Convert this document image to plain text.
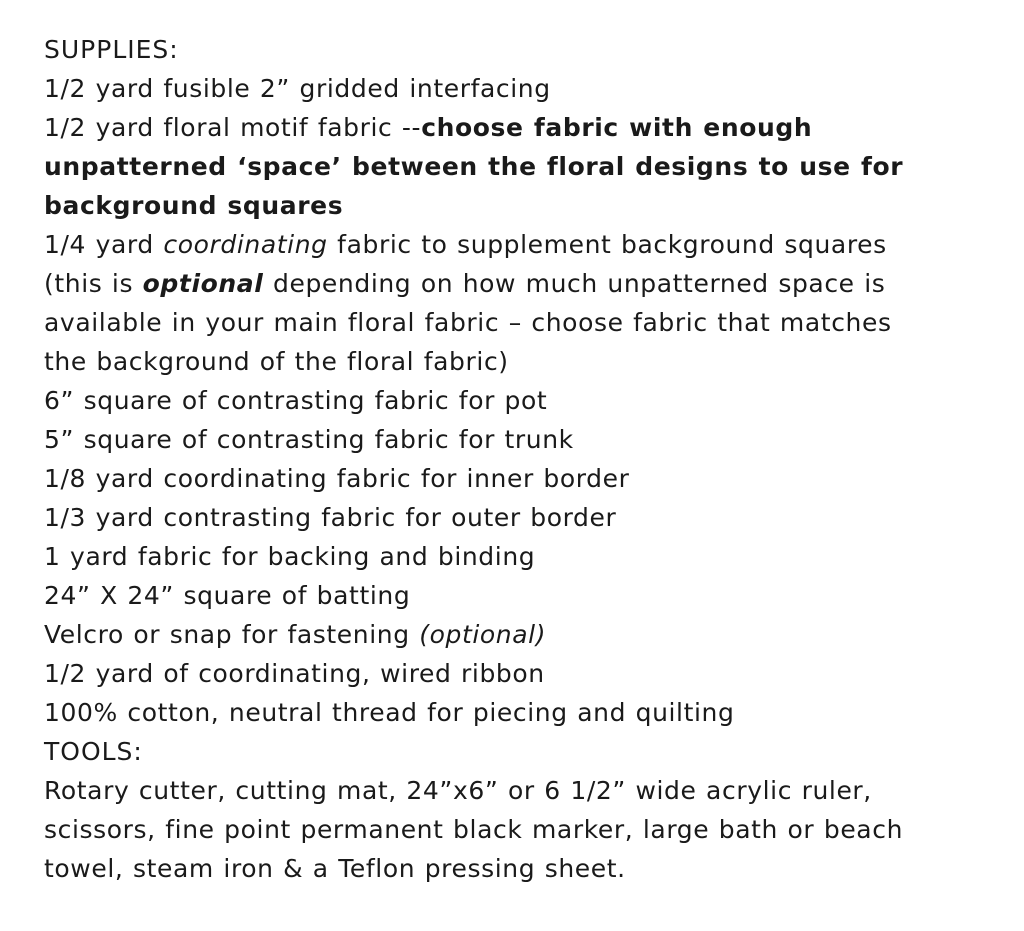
SUPPLIES:
1/2 yard fusible 2” gridded interfacing
1/2 yard floral motif fabric --choose fabric with enough
unpatterned ‘space’ between the floral designs to use for
background squares
1/4 yard coordinating fabric to supplement background squares
(this is optional depending on how much unpatterned space is
available in your main floral fabric – choose fabric that matches
the background of the floral fabric)
6” square of contrasting fabric for pot
5” square of contrasting fabric for trunk
1/8 yard coordinating fabric for inner border
1/3 yard contrasting fabric for outer border
1 yard fabric for backing and binding
24” X 24” square of batting
Velcro or snap for fastening (optional)
1/2 yard of coordinating, wired ribbon
100% cotton, neutral thread for piecing and quilting
TOOLS:
Rotary cutter, cutting mat, 24”x6” or 6 1/2” wide acrylic ruler,
scissors, fine point permanent black marker, large bath or beach
towel, steam iron & a Teflon pressing sheet.
